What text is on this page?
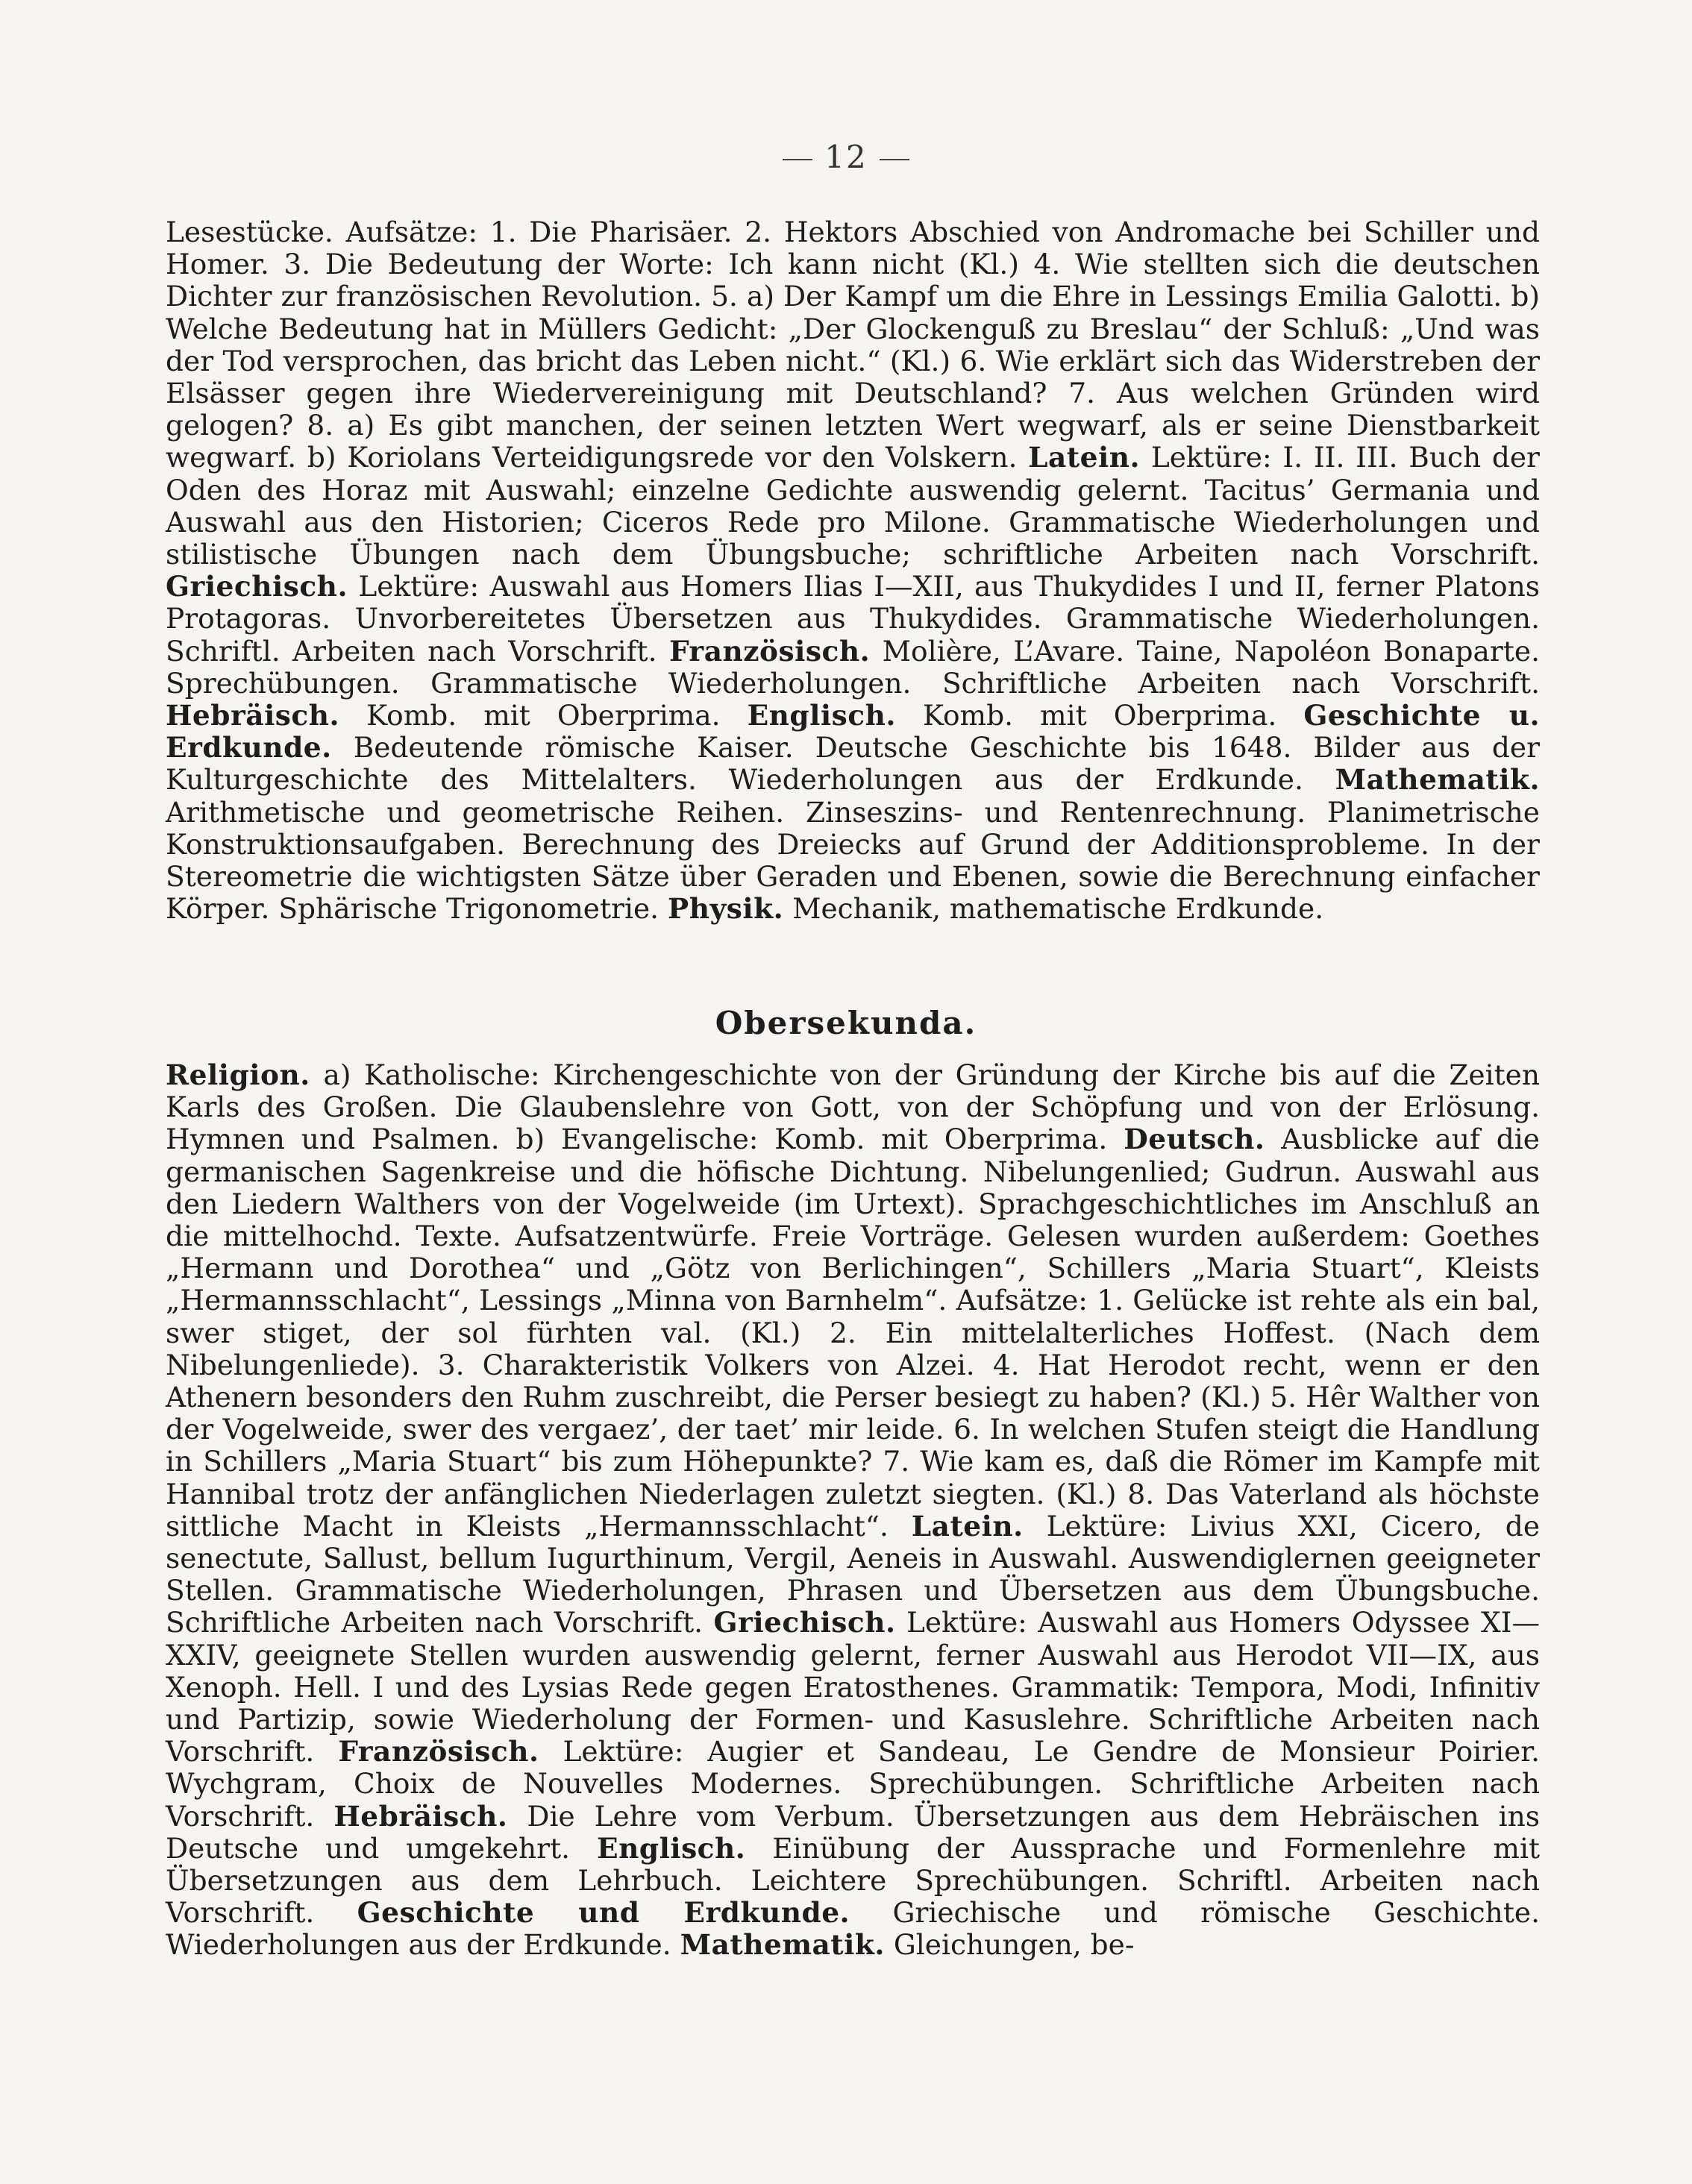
12
Lesestücke. Aufsätze: 1. Die Pharisäer. 2. Hektors Abschied von Andromache bei Schiller und Homer. 3. Die Bedeutung der Worte: Ich kann nicht (Kl.) 4. Wie stellten sich die deutschen Dichter zur französischen Revolution. 5. a) Der Kampf um die Ehre in Lessings Emilia Galotti. b) Welche Bedeutung hat in Müllers Gedicht: „Der Glockenguß zu Breslau“ der Schluß: „Und was der Tod versprochen, das bricht das Leben nicht.“ (Kl.) 6. Wie erklärt sich das Widerstreben der Elsässer gegen ihre Wiedervereinigung mit Deutschland? 7. Aus welchen Gründen wird gelogen? 8. a) Es gibt manchen, der seinen letzten Wert wegwarf, als er seine Dienstbarkeit wegwarf. b) Koriolans Verteidigungsrede vor den Volskern. Latein. Lektüre: I. II. III. Buch der Oden des Horaz mit Auswahl; einzelne Gedichte auswendig gelernt. Tacitus’ Germania und Auswahl aus den Historien; Ciceros Rede pro Milone. Grammatische Wiederholungen und stilistische Übungen nach dem Übungsbuche; schriftliche Arbeiten nach Vorschrift. Griechisch. Lektüre: Auswahl aus Homers Ilias I—XII, aus Thukydides I und II, ferner Platons Protagoras. Unvorbereitetes Übersetzen aus Thukydides. Grammatische Wiederholungen. Schriftl. Arbeiten nach Vorschrift. Französisch. Molière, L’Avare. Taine, Napoléon Bonaparte. Sprechübungen. Grammatische Wiederholungen. Schriftliche Arbeiten nach Vorschrift. Hebräisch. Komb. mit Oberprima. Englisch. Komb. mit Oberprima. Geschichte u. Erdkunde. Bedeutende römische Kaiser. Deutsche Geschichte bis 1648. Bilder aus der Kulturgeschichte des Mittelalters. Wiederholungen aus der Erdkunde. Mathematik. Arithmetische und geometrische Reihen. Zinseszins- und Rentenrechnung. Planimetrische Konstruktionsaufgaben. Berechnung des Dreiecks auf Grund der Additionsprobleme. In der Stereometrie die wichtigsten Sätze über Geraden und Ebenen, sowie die Berechnung einfacher Körper. Sphärische Trigonometrie. Physik. Mechanik, mathematische Erdkunde.
Obersekunda.
Religion. a) Katholische: Kirchengeschichte von der Gründung der Kirche bis auf die Zeiten Karls des Großen. Die Glaubenslehre von Gott, von der Schöpfung und von der Erlösung. Hymnen und Psalmen. b) Evangelische: Komb. mit Oberprima. Deutsch. Ausblicke auf die germanischen Sagenkreise und die höfische Dichtung. Nibelungenlied; Gudrun. Auswahl aus den Liedern Walthers von der Vogelweide (im Urtext). Sprachgeschichtliches im Anschluß an die mittelhochd. Texte. Aufsatzentwürfe. Freie Vorträge. Gelesen wurden außerdem: Goethes „Hermann und Dorothea“ und „Götz von Berlichingen“, Schillers „Maria Stuart“, Kleists „Hermannsschlacht“, Lessings „Minna von Barnhelm“. Aufsätze: 1. Gelücke ist rehte als ein bal, swer stiget, der sol fürhten val. (Kl.) 2. Ein mittelalterliches Hoffest. (Nach dem Nibelungenliede). 3. Charakteristik Volkers von Alzei. 4. Hat Herodot recht, wenn er den Athenern besonders den Ruhm zuschreibt, die Perser besiegt zu haben? (Kl.) 5. Hêr Walther von der Vogelweide, swer des vergaez’, der taet’ mir leide. 6. In welchen Stufen steigt die Handlung in Schillers „Maria Stuart“ bis zum Höhepunkte? 7. Wie kam es, daß die Römer im Kampfe mit Hannibal trotz der anfänglichen Niederlagen zuletzt siegten. (Kl.) 8. Das Vaterland als höchste sittliche Macht in Kleists „Hermannsschlacht“. Latein. Lektüre: Livius XXI, Cicero, de senectute, Sallust, bellum Iugurthinum, Vergil, Aeneis in Auswahl. Auswendiglernen geeigneter Stellen. Grammatische Wiederholungen, Phrasen und Übersetzen aus dem Übungsbuche. Schriftliche Arbeiten nach Vorschrift. Griechisch. Lektüre: Auswahl aus Homers Odyssee XI—XXIV, geeignete Stellen wurden auswendig gelernt, ferner Auswahl aus Herodot VII—IX, aus Xenoph. Hell. I und des Lysias Rede gegen Eratosthenes. Grammatik: Tempora, Modi, Infinitiv und Partizip, sowie Wiederholung der Formen- und Kasuslehre. Schriftliche Arbeiten nach Vorschrift. Französisch. Lektüre: Augier et Sandeau, Le Gendre de Monsieur Poirier. Wychgram, Choix de Nouvelles Modernes. Sprechübungen. Schriftliche Arbeiten nach Vorschrift. Hebräisch. Die Lehre vom Verbum. Übersetzungen aus dem Hebräischen ins Deutsche und umgekehrt. Englisch. Einübung der Aussprache und Formenlehre mit Übersetzungen aus dem Lehrbuch. Leichtere Sprechübungen. Schriftl. Arbeiten nach Vorschrift. Geschichte und Erdkunde. Griechische und römische Geschichte. Wiederholungen aus der Erdkunde. Mathematik. Gleichungen, be-
